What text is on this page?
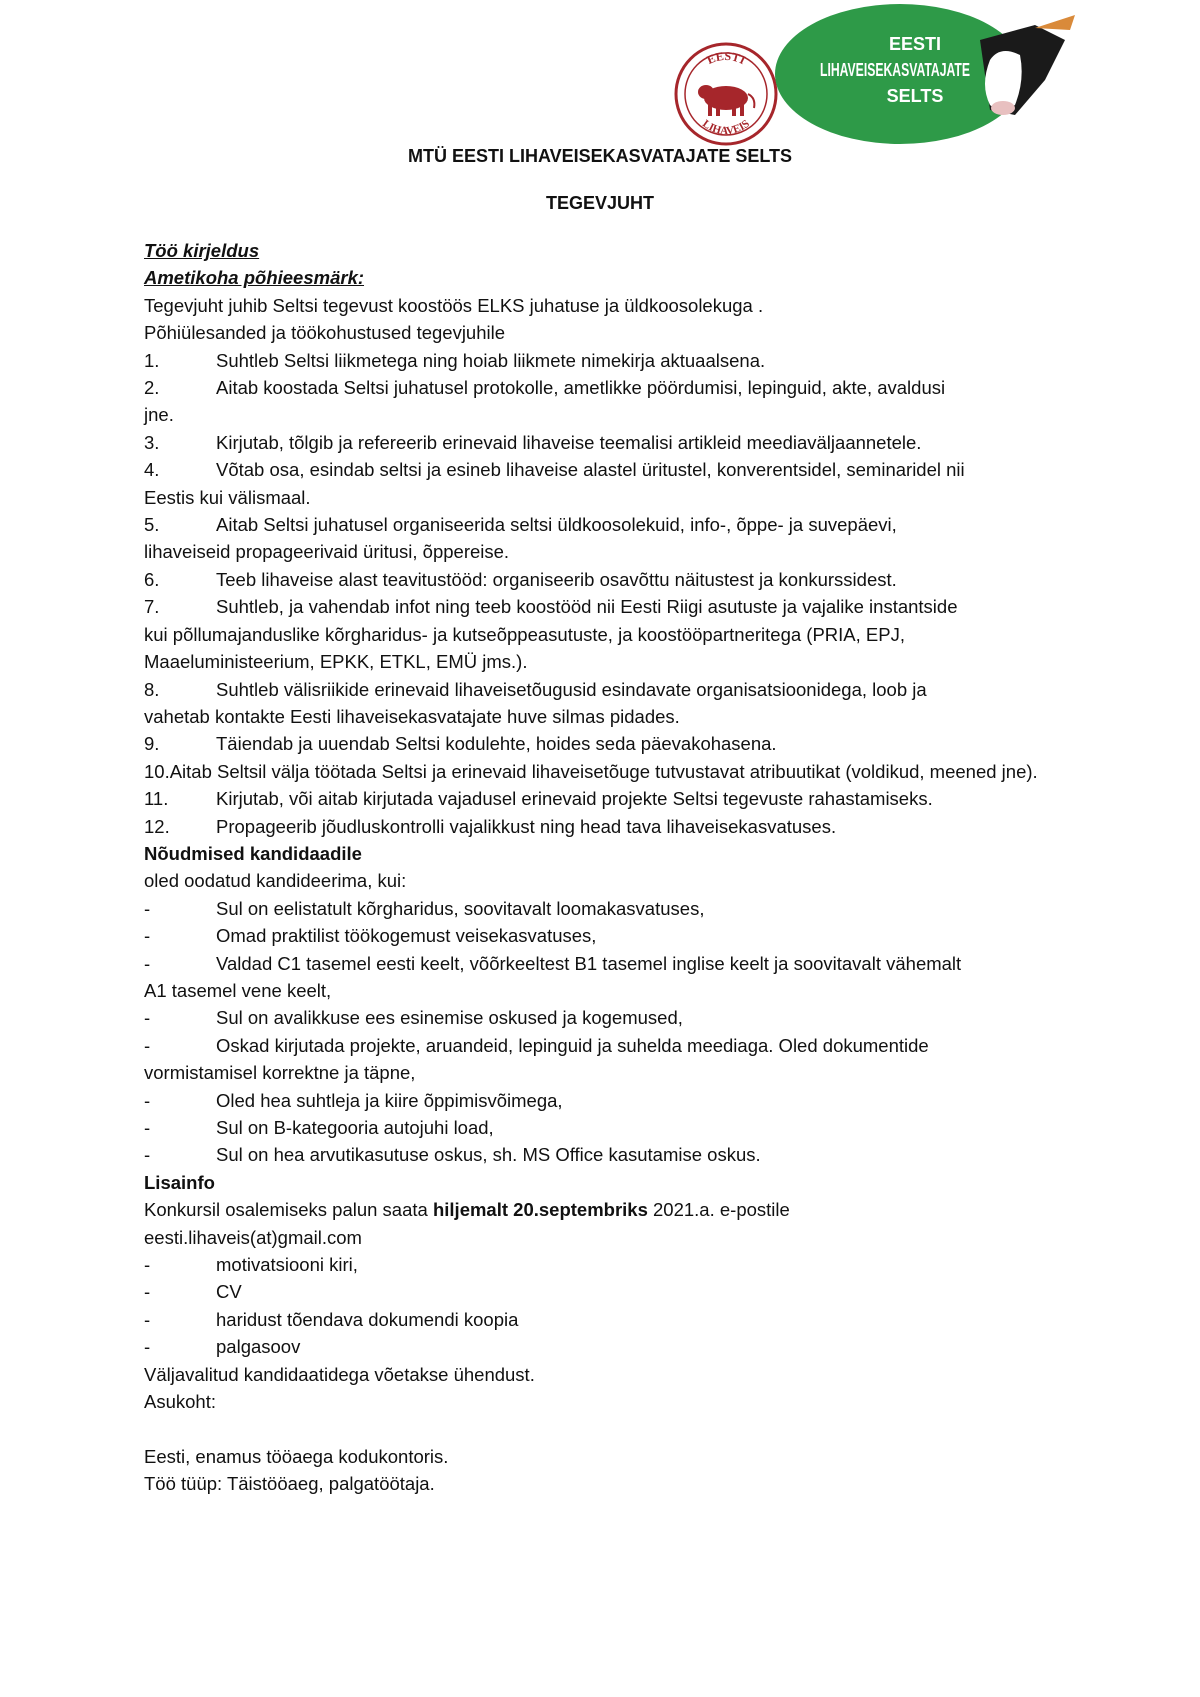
EESTI
LIHAVEIS
EESTI
LIHAVEISEKASVATAJATE
SELTS
MTÜ EESTI LIHAVEISEKASVATAJATE SELTS
TEGEVJUHT

Töö kirjeldus

Ametikoha põhieesmärk:

Tegevjuht juhib Seltsi tegevust koostöös ELKS juhatuse ja üldkoosolekuga .

Põhiülesanded ja töökohustused tegevjuhile

1.	Suhtleb Seltsi liikmetega ning hoiab liikmete nimekirja aktuaalsena.
2.	Aitab koostada Seltsi juhatusel protokolle, ametlikke pöördumisi, lepinguid, akte, avaldusi

jne.

3.	Kirjutab, tõlgib ja refereerib erinevaid lihaveise teemalisi artikleid meediaväljaannetele.
4.	Võtab osa, esindab seltsi ja esineb lihaveise alastel üritustel, konverentsidel, seminaridel nii

Eestis kui välismaal.

5.	Aitab Seltsi juhatusel organiseerida seltsi üldkoosolekuid, info-, õppe- ja suvepäevi,

lihaveiseid propageerivaid üritusi, õppereise.

6.	Teeb lihaveise alast teavitustööd: organiseerib osavõttu näitustest ja konkurssidest.
7.	Suhtleb, ja vahendab infot ning teeb koostööd nii Eesti Riigi asutuste ja vajalike instantside

kui põllumajanduslike kõrgharidus- ja kutseõppeasutuste, ja koostööpartneritega (PRIA, EPJ, Maaeluministeerium, EPKK, ETKL, EMÜ jms.).

8.	Suhtleb välisriikide erinevaid lihaveisetõugusid esindavate organisatsioonidega, loob ja

vahetab kontakte Eesti lihaveisekasvatajate huve silmas pidades.

9.	Täiendab ja uuendab Seltsi kodulehte, hoides seda päevakohasena.

10.Aitab Seltsil välja töötada Seltsi ja erinevaid lihaveisetõuge tutvustavat atribuutikat (voldikud, meened jne).

11.	Kirjutab, või aitab kirjutada vajadusel erinevaid projekte Seltsi tegevuste rahastamiseks.
12.	Propageerib jõudluskontrolli vajalikkust ning head tava lihaveisekasvatuses.

Nõudmised kandidaadile

oled oodatud kandideerima, kui:

-	Sul on eelistatult kõrgharidus, soovitavalt loomakasvatuses,
-	Omad praktilist töökogemust veisekasvatuses,
-	Valdad C1 tasemel eesti keelt, võõrkeeltest B1 tasemel inglise keelt ja soovitavalt vähemalt

A1 tasemel vene keelt,

-	Sul on avalikkuse ees esinemise oskused ja kogemused,
-	Oskad kirjutada projekte, aruandeid, lepinguid ja suhelda meediaga. Oled dokumentide

vormistamisel korrektne ja täpne,

-	Oled hea suhtleja ja kiire õppimisvõimega,
-	Sul on B-kategooria autojuhi load,
-	Sul on hea arvutikasutuse oskus, sh. MS Office kasutamise oskus.

Lisainfo

Konkursil osalemiseks palun saata hiljemalt 20.septembriks 2021.a. e-postile

eesti.lihaveis(at)gmail.com

-	motivatsiooni kiri,
-	CV
-	haridust tõendava dokumendi koopia
-	palgasoov

Väljavalitud kandidaatidega võetakse ühendust.

Asukoht:

Eesti, enamus tööaega kodukontoris.

Töö tüüp: Täistööaeg, palgatöötaja.
